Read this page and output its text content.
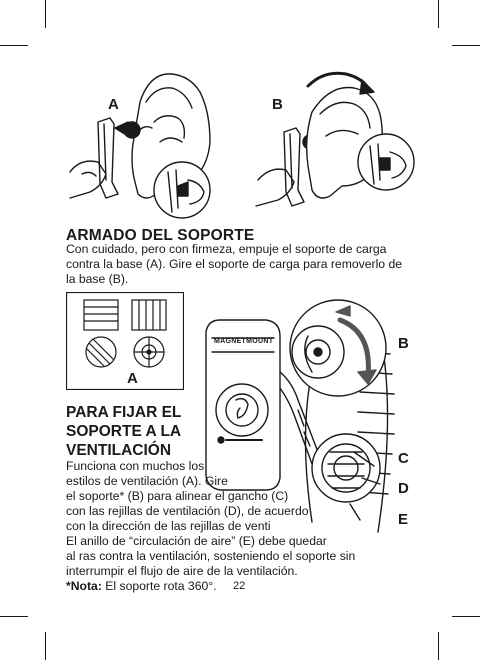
A	B
ARMADO DEL SOPORTE
Con cuidado, pero con firmeza, empuje el soporte de carga
contra la base (A). Gire el soporte de carga para removerlo de
la base (B).
A
B
C
D
E
MAGNETMOUNT
PARA FIJAR EL
SOPORTE A LA
VENTILACIÓN
Funciona con muchos los
estilos de ventilación (A). Gire
el soporte* (B) para alinear el gancho (C)
con las rejillas de ventilación (D), de acuerdo
con la dirección de las rejillas de venti
El anillo de “circulación de aire” (E) debe quedar
al ras contra la ventilación, sosteniendo el soporte sin
interrumpir el flujo de aire de la ventilación.
*Nota: El soporte rota 360°.	22
